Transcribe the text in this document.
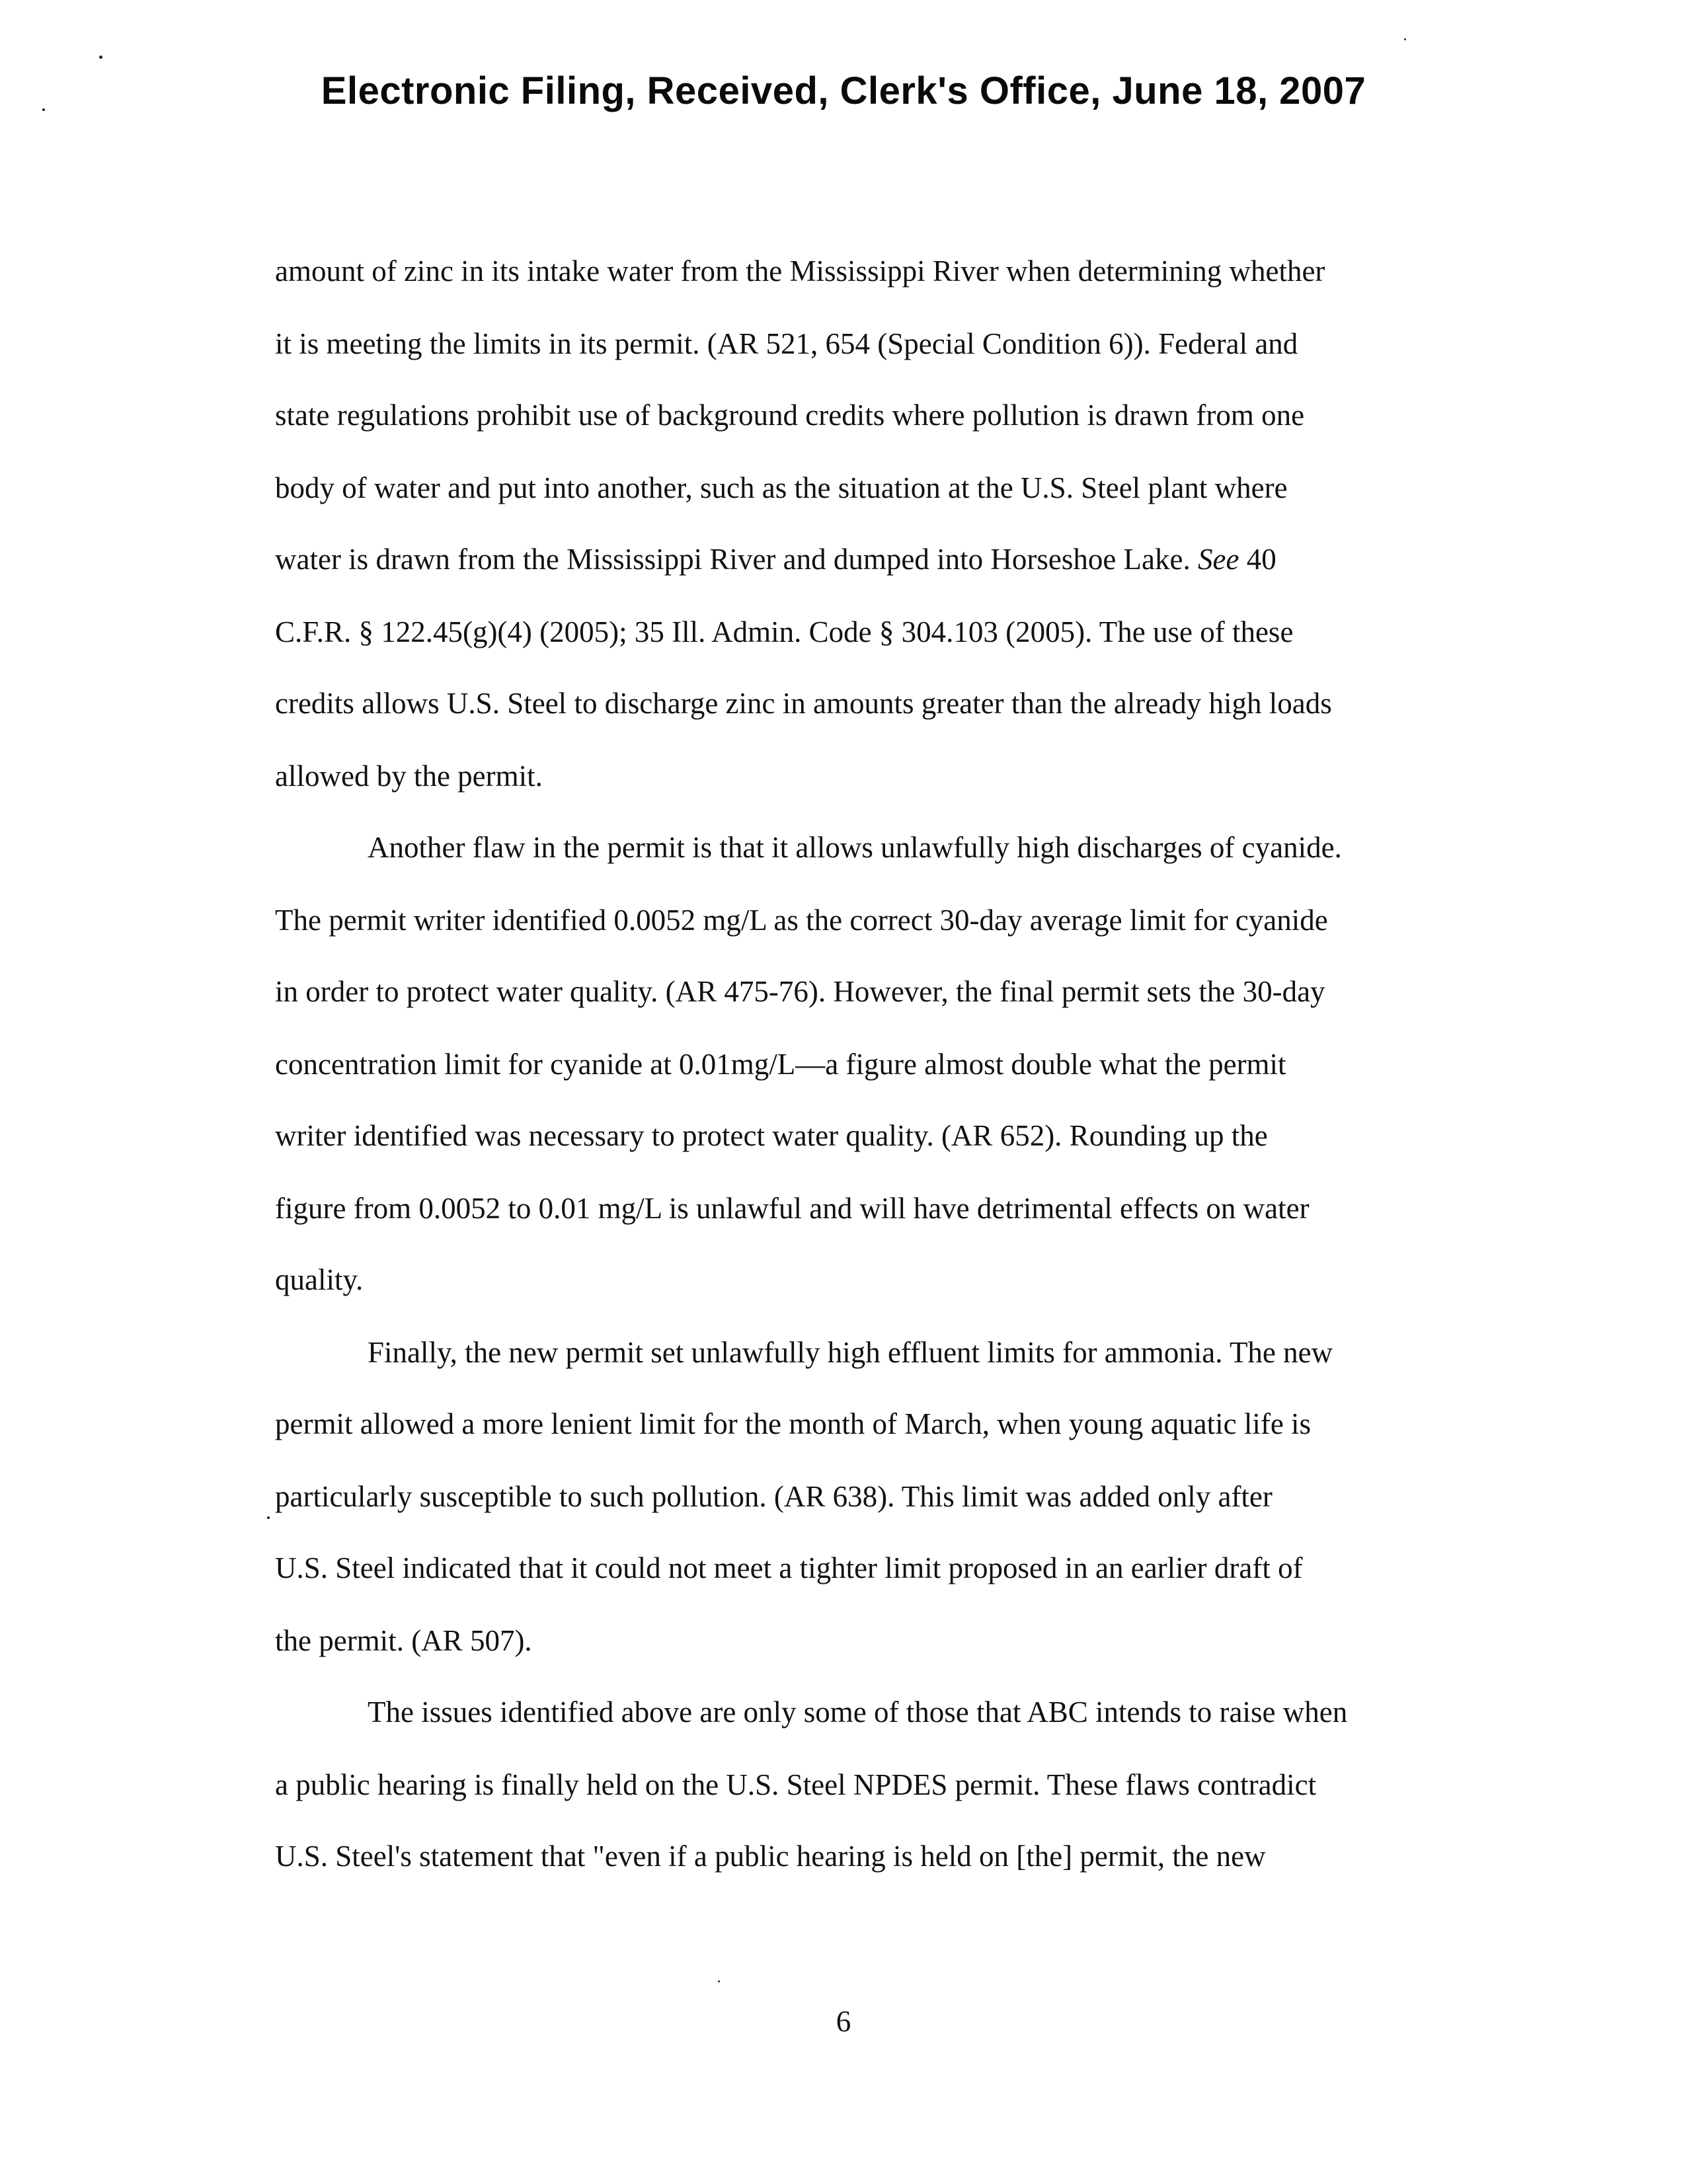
Electronic Filing, Received, Clerk's Office, June 18, 2007
amount of zinc in its intake water from the Mississippi River when determining whether
it is meeting the limits in its permit. (AR 521, 654 (Special Condition 6)). Federal and
state regulations prohibit use of background credits where pollution is drawn from one
body of water and put into another, such as the situation at the U.S. Steel plant where
water is drawn from the Mississippi River and dumped into Horseshoe Lake. See 40
C.F.R. § 122.45(g)(4) (2005); 35 Ill. Admin. Code § 304.103 (2005). The use of these
credits allows U.S. Steel to discharge zinc in amounts greater than the already high loads
allowed by the permit.
Another flaw in the permit is that it allows unlawfully high discharges of cyanide.
The permit writer identified 0.0052 mg/L as the correct 30-day average limit for cyanide
in order to protect water quality. (AR 475-76). However, the final permit sets the 30-day
concentration limit for cyanide at 0.01mg/L—a figure almost double what the permit
writer identified was necessary to protect water quality. (AR 652). Rounding up the
figure from 0.0052 to 0.01 mg/L is unlawful and will have detrimental effects on water
quality.
Finally, the new permit set unlawfully high effluent limits for ammonia. The new
permit allowed a more lenient limit for the month of March, when young aquatic life is
particularly susceptible to such pollution. (AR 638). This limit was added only after
U.S. Steel indicated that it could not meet a tighter limit proposed in an earlier draft of
the permit. (AR 507).
The issues identified above are only some of those that ABC intends to raise when
a public hearing is finally held on the U.S. Steel NPDES permit. These flaws contradict
U.S. Steel's statement that "even if a public hearing is held on [the] permit, the new
6
